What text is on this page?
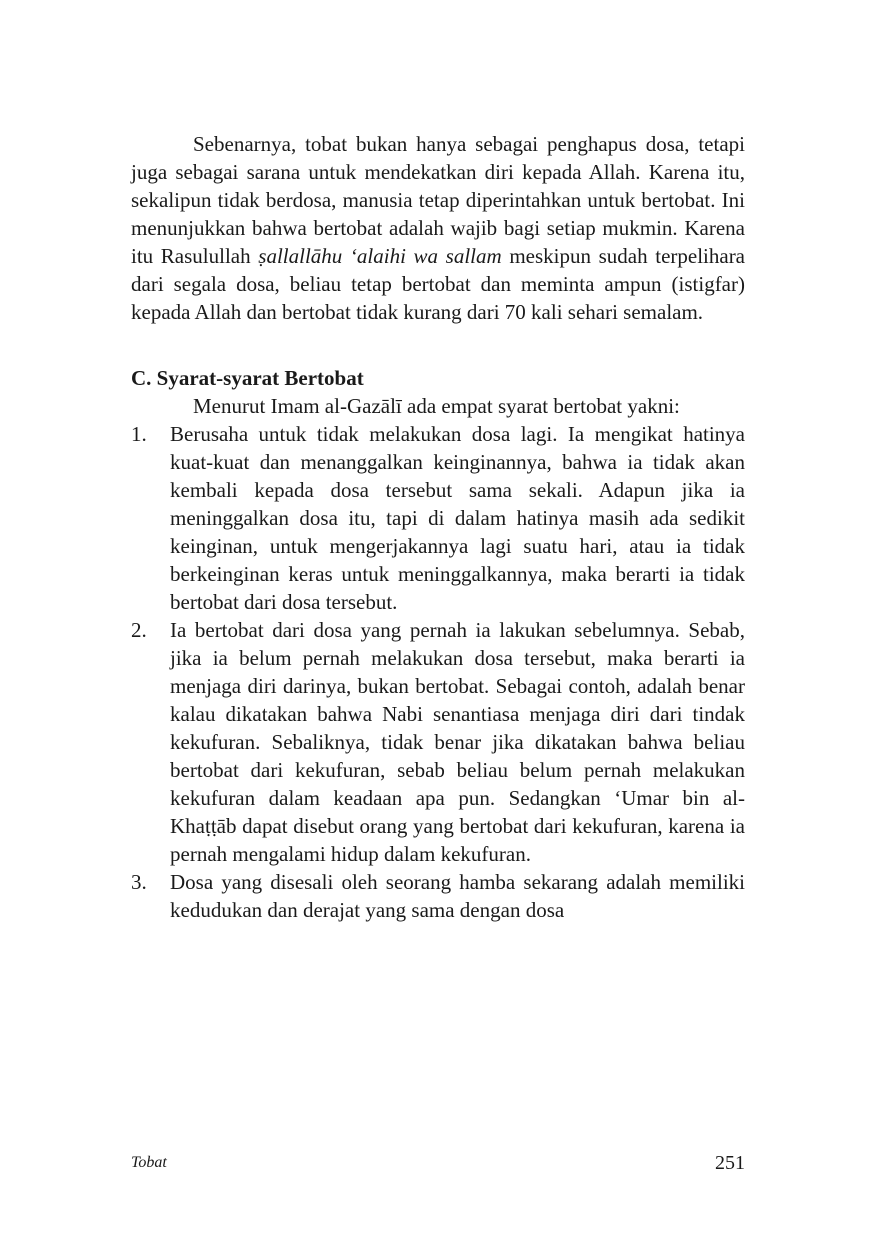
Sebenarnya, tobat bukan hanya sebagai penghapus dosa, tetapi juga sebagai sarana untuk mendekatkan diri kepada Allah. Karena itu, sekalipun tidak berdosa, manusia tetap diperintahkan untuk bertobat. Ini menunjukkan bahwa bertobat adalah wajib bagi setiap mukmin. Karena itu Rasulullah ṣallallāhu ‘alaihi wa sallam meskipun sudah terpelihara dari segala dosa, beliau tetap bertobat dan meminta ampun (istigfar) kepada Allah dan bertobat tidak kurang dari 70 kali sehari semalam.

C. Syarat-syarat Bertobat

Menurut Imam al-Gazālī ada empat syarat bertobat yakni:

1. Berusaha untuk tidak melakukan dosa lagi. Ia mengikat hatinya kuat-kuat dan menanggalkan keinginannya, bahwa ia tidak akan kembali kepada dosa tersebut sama sekali. Adapun jika ia meninggalkan dosa itu, tapi di dalam hatinya masih ada sedikit keinginan, untuk mengerjakannya lagi suatu hari, atau ia tidak berkeinginan keras untuk meninggalkannya, maka berarti ia tidak bertobat dari dosa tersebut.
2. Ia bertobat dari dosa yang pernah ia lakukan sebelumnya. Sebab, jika ia belum pernah melakukan dosa tersebut, maka berarti ia menjaga diri darinya, bukan bertobat. Sebagai contoh, adalah benar kalau dikatakan bahwa Nabi senantiasa menjaga diri dari tindak kekufuran. Sebaliknya, tidak benar jika dikatakan bahwa beliau bertobat dari kekufuran, sebab beliau belum pernah melakukan kekufuran dalam keadaan apa pun. Sedangkan ‘Umar bin al-Khaṭṭāb dapat disebut orang yang bertobat dari kekufuran, karena ia pernah mengalami hidup dalam kekufuran.
3. Dosa yang disesali oleh seorang hamba sekarang adalah memiliki kedudukan dan derajat yang sama dengan dosa
Tobat	251
